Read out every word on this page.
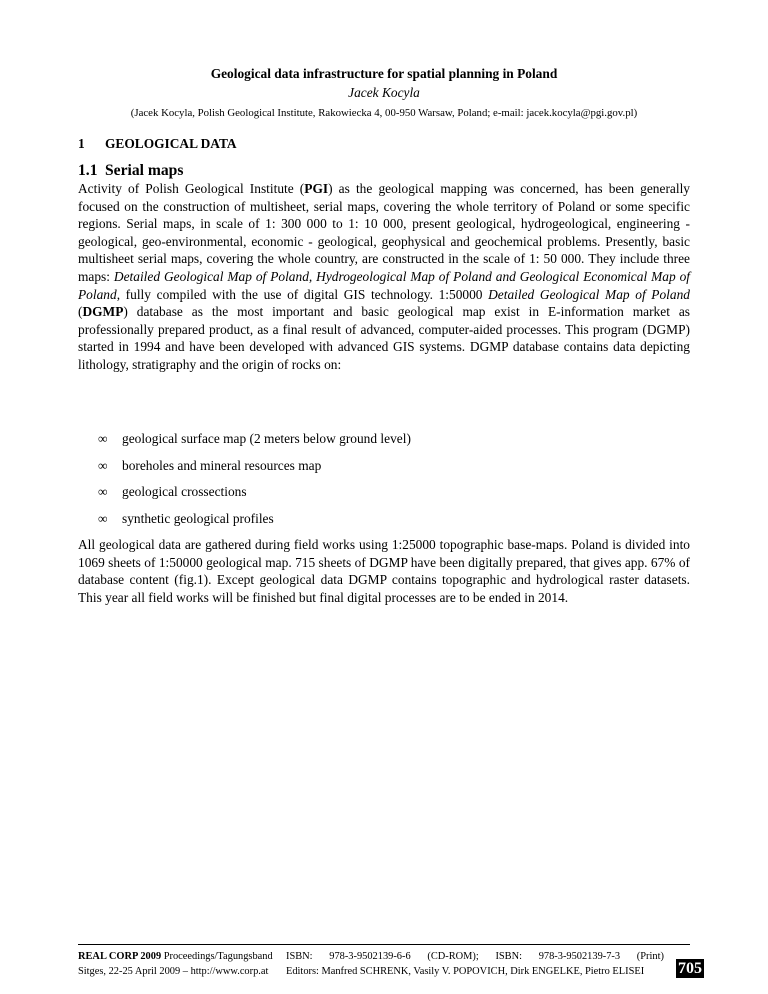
Geological data infrastructure for spatial planning in Poland
Jacek Kocyla
(Jacek Kocyla, Polish Geological Institute, Rakowiecka 4, 00-950 Warsaw, Poland; e-mail: jacek.kocyla@pgi.gov.pl)
1 GEOLOGICAL DATA
1.1 Serial maps

Activity of Polish Geological Institute (PGI) as the geological mapping was concerned, has been generally focused on the construction of multisheet, serial maps, covering the whole territory of Poland or some specific regions. Serial maps, in scale of 1: 300 000 to 1: 10 000, present geological, hydrogeological, engineering - geological, geo-environmental, economic - geological, geophysical and geochemical problems. Presently, basic multisheet serial maps, covering the whole country, are constructed in the scale of 1: 50 000. They include three maps: Detailed Geological Map of Poland, Hydrogeological Map of Poland and Geological Economical Map of Poland, fully compiled with the use of digital GIS technology. 1:50000 Detailed Geological Map of Poland (DGMP) database as the most important and basic geological map exist in E-information market as professionally prepared product, as a final result of advanced, computer-aided processes. This program (DGMP) started in 1994 and have been developed with advanced GIS systems. DGMP database contains data depicting lithology, stratigraphy and the origin of rocks on:

∞ geological surface map (2 meters below ground level)
∞ boreholes and mineral resources map
∞ geological crossections
∞ synthetic geological profiles

All geological data are gathered during field works using 1:25000 topographic base-maps. Poland is divided into 1069 sheets of 1:50000 geological map. 715 sheets of DGMP have been digitally prepared, that gives app. 67% of database content (fig.1). Except geological data DGMP contains topographic and hydrological raster datasets. This year all field works will be finished but final digital processes are to be ended in 2014.

REAL CORP 2009 Proceedings/Tagungsband
Sitges, 22-25 April 2009 – http://www.corp.at
ISBN: 978-3-9502139-6-6 (CD-ROM); ISBN: 978-3-9502139-7-3 (Print)
Editors: Manfred SCHRENK, Vasily V. POPOVICH, Dirk ENGELKE, Pietro ELISEI	705
